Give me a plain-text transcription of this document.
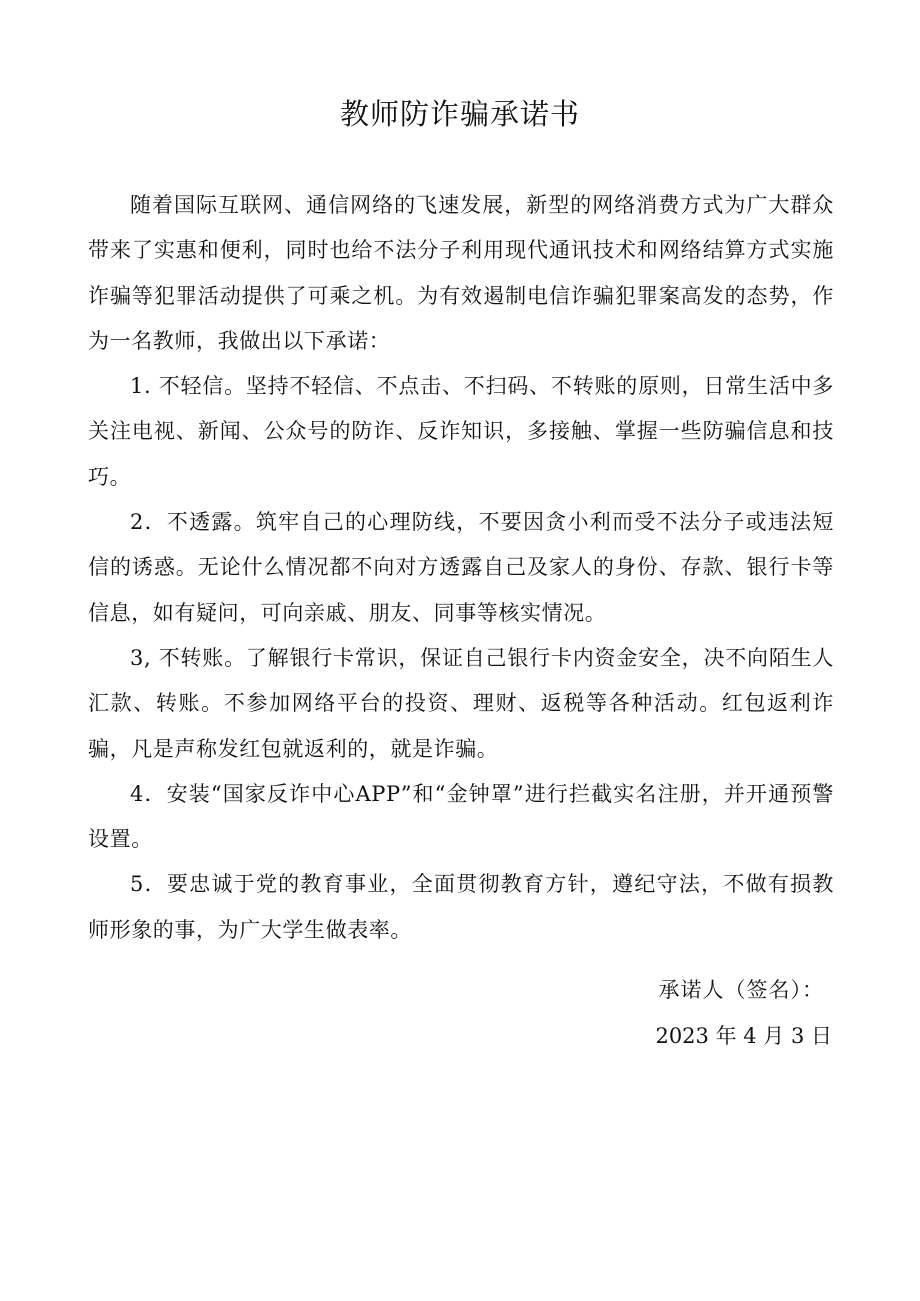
教师防诈骗承诺书

随着国际互联网、通信网络的飞速发展，新型的网络消费方式为广大群众带来了实惠和便利，同时也给不法分子利用现代通讯技术和网络结算方式实施诈骗等犯罪活动提供了可乘之机。为有效遏制电信诈骗犯罪案高发的态势，作为一名教师，我做出以下承诺：

1. 不轻信。坚持不轻信、不点击、不扫码、不转账的原则，日常生活中多关注电视、新闻、公众号的防诈、反诈知识，多接触、掌握一些防骗信息和技巧。

2．不透露。筑牢自己的心理防线，不要因贪小利而受不法分子或违法短信的诱惑。无论什么情况都不向对方透露自己及家人的身份、存款、银行卡等信息，如有疑问，可向亲戚、朋友、同事等核实情况。

3, 不转账。了解银行卡常识，保证自己银行卡内资金安全，决不向陌生人汇款、转账。不参加网络平台的投资、理财、返税等各种活动。红包返利诈骗，凡是声称发红包就返利的，就是诈骗。

4．安装“国家反诈中心APP”和“金钟罩”进行拦截实名注册，并开通预警设置。

5．要忠诚于党的教育事业，全面贯彻教育方针，遵纪守法，不做有损教师形象的事，为广大学生做表率。

承诺人（签名）：
2023 年 4 月 3 日
